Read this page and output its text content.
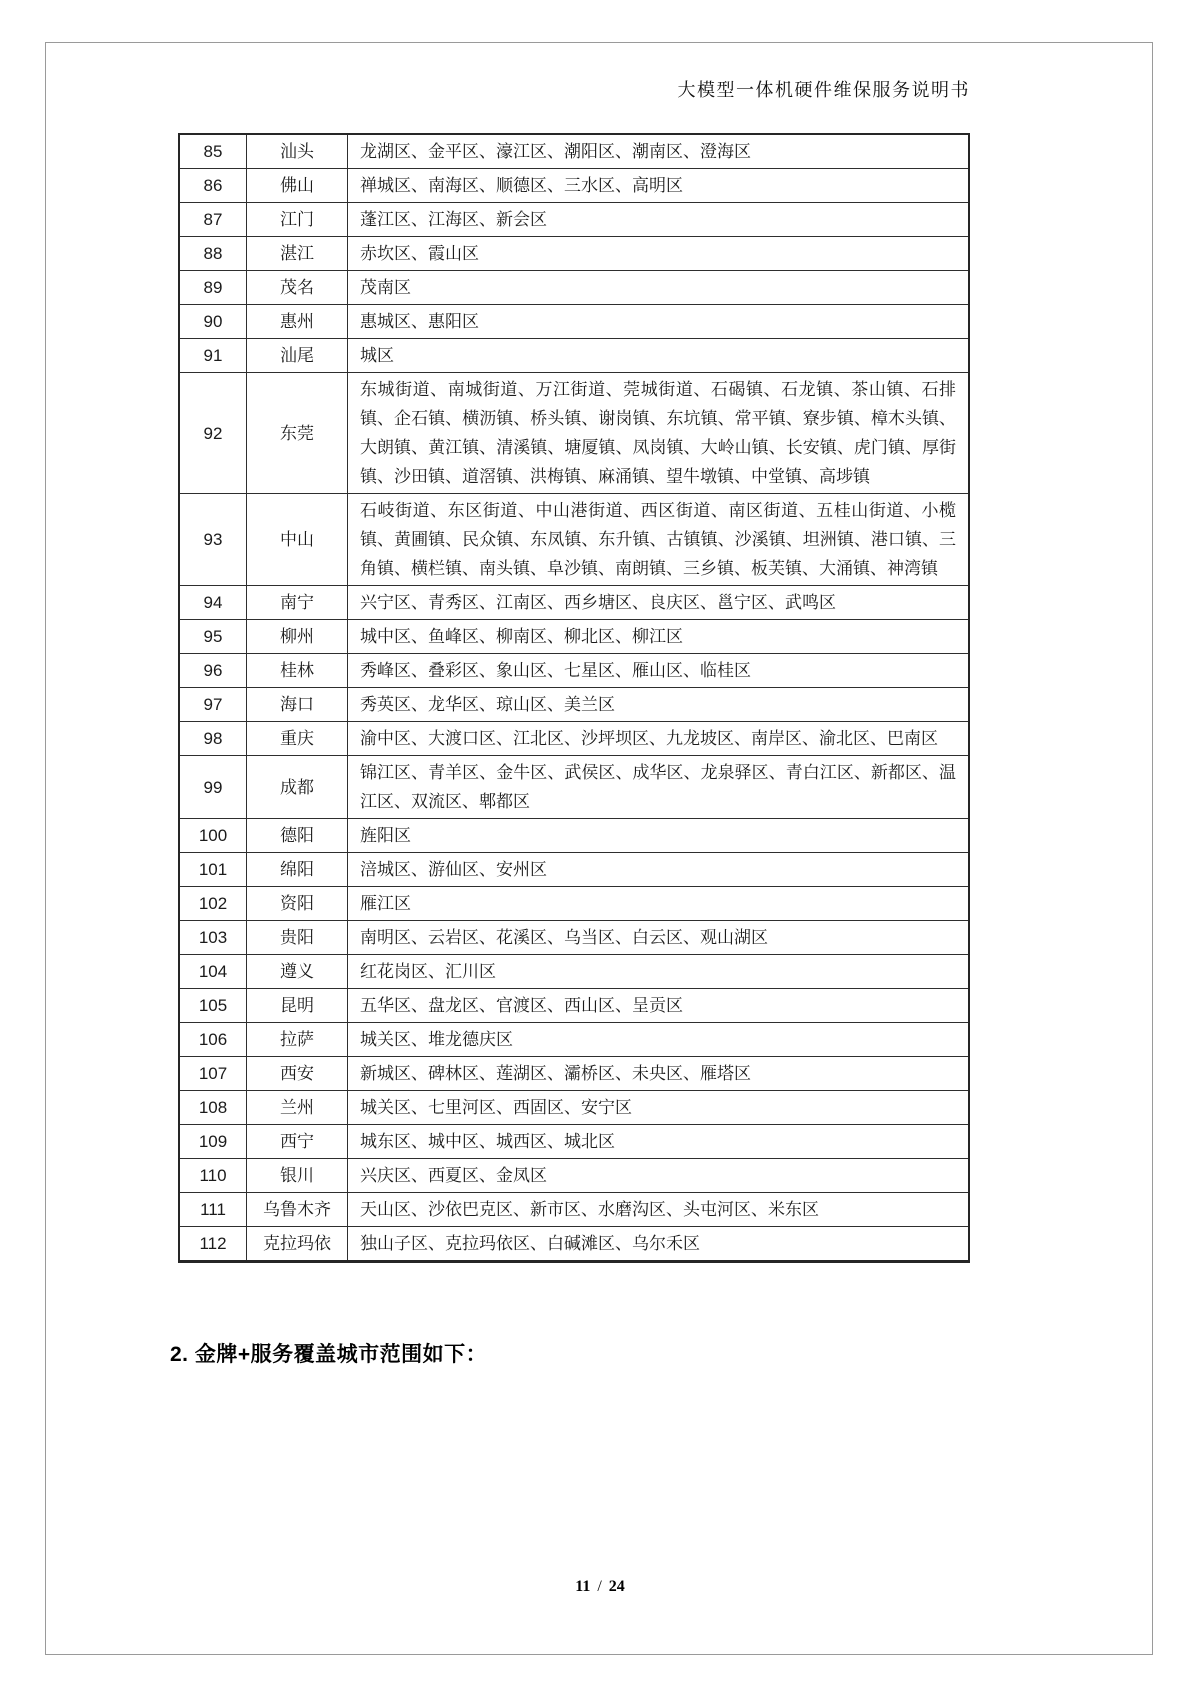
大模型一体机硬件维保服务说明书
85	汕头	龙湖区、金平区、濠江区、潮阳区、潮南区、澄海区
86	佛山	禅城区、南海区、顺德区、三水区、高明区
87	江门	蓬江区、江海区、新会区
88	湛江	赤坎区、霞山区
89	茂名	茂南区
90	惠州	惠城区、惠阳区
91	汕尾	城区
92	东莞	东城街道、南城街道、万江街道、莞城街道、石碣镇、石龙镇、茶山镇、石排镇、企石镇、横沥镇、桥头镇、谢岗镇、东坑镇、常平镇、寮步镇、樟木头镇、大朗镇、黄江镇、清溪镇、塘厦镇、凤岗镇、大岭山镇、长安镇、虎门镇、厚街镇、沙田镇、道滘镇、洪梅镇、麻涌镇、望牛墩镇、中堂镇、高埗镇
93	中山	石岐街道、东区街道、中山港街道、西区街道、南区街道、五桂山街道、小榄镇、黄圃镇、民众镇、东凤镇、东升镇、古镇镇、沙溪镇、坦洲镇、港口镇、三角镇、横栏镇、南头镇、阜沙镇、南朗镇、三乡镇、板芙镇、大涌镇、神湾镇
94	南宁	兴宁区、青秀区、江南区、西乡塘区、良庆区、邕宁区、武鸣区
95	柳州	城中区、鱼峰区、柳南区、柳北区、柳江区
96	桂林	秀峰区、叠彩区、象山区、七星区、雁山区、临桂区
97	海口	秀英区、龙华区、琼山区、美兰区
98	重庆	渝中区、大渡口区、江北区、沙坪坝区、九龙坡区、南岸区、渝北区、巴南区
99	成都	锦江区、青羊区、金牛区、武侯区、成华区、龙泉驿区、青白江区、新都区、温江区、双流区、郫都区
100	德阳	旌阳区
101	绵阳	涪城区、游仙区、安州区
102	资阳	雁江区
103	贵阳	南明区、云岩区、花溪区、乌当区、白云区、观山湖区
104	遵义	红花岗区、汇川区
105	昆明	五华区、盘龙区、官渡区、西山区、呈贡区
106	拉萨	城关区、堆龙德庆区
107	西安	新城区、碑林区、莲湖区、灞桥区、未央区、雁塔区
108	兰州	城关区、七里河区、西固区、安宁区
109	西宁	城东区、城中区、城西区、城北区
110	银川	兴庆区、西夏区、金凤区
111	乌鲁木齐	天山区、沙依巴克区、新市区、水磨沟区、头屯河区、米东区
112	克拉玛依	独山子区、克拉玛依区、白碱滩区、乌尔禾区
2. 金牌+服务覆盖城市范围如下：
11 / 24
